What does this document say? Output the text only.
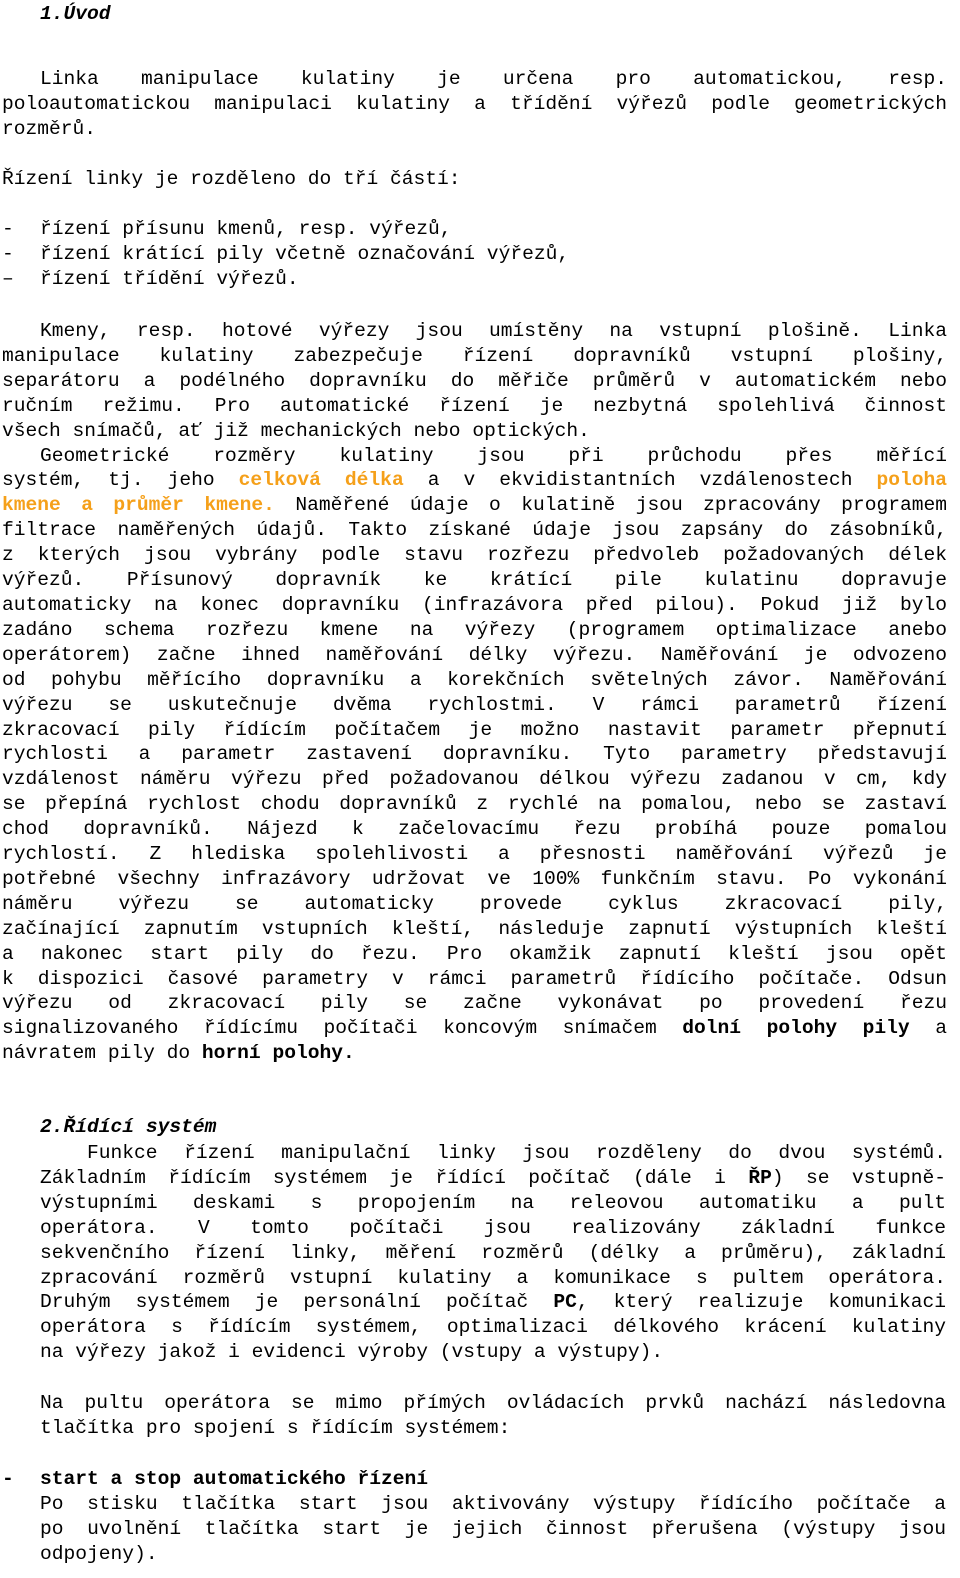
1.Úvod
Linka manipulace kulatiny je určena pro automatickou, resp.
poloautomatickou manipulaci kulatiny a třídění výřezů podle geometrických
rozměrů.
Řízení linky je rozděleno do tří částí:
- řízení přísunu kmenů, resp. výřezů,
- řízení krátící pily včetně označování výřezů,
– řízení třídění výřezů.
Kmeny, resp. hotové výřezy jsou umístěny na vstupní plošině. Linka
manipulace kulatiny zabezpečuje řízení dopravníků vstupní plošiny,
separátoru a podélného dopravníku do měřiče průměrů v automatickém nebo
ručním režimu. Pro automatické řízení je nezbytná spolehlivá činnost
všech snímačů, ať již mechanických nebo optických.
Geometrické rozměry kulatiny jsou při průchodu přes měřící
systém, tj. jeho celková délka a v ekvidistantních vzdálenostech poloha
kmene a průměr kmene. Naměřené údaje o kulatině jsou zpracovány programem
filtrace naměřených údajů. Takto získané údaje jsou zapsány do zásobníků,
z kterých jsou vybrány podle stavu rozřezu předvoleb požadovaných délek
výřezů. Přísunový dopravník ke krátící pile kulatinu dopravuje
automaticky na konec dopravníku (infrazávora před pilou). Pokud již bylo
zadáno schema rozřezu kmene na výřezy (programem optimalizace anebo
operátorem) začne ihned naměřování délky výřezu. Naměřování je odvozeno
od pohybu měřícího dopravníku a korekčních světelných závor. Naměřování
výřezu se uskutečnuje dvěma rychlostmi. V rámci parametrů řízení
zkracovací pily řídícím počítačem je možno nastavit parametr přepnutí
rychlosti a parametr zastavení dopravníku. Tyto parametry představují
vzdálenost náměru výřezu před požadovanou délkou výřezu zadanou v cm, kdy
se přepíná rychlost chodu dopravníků z rychlé na pomalou, nebo se zastaví
chod dopravníků. Nájezd k začelovacímu řezu probíhá pouze pomalou
rychlostí. Z hlediska spolehlivosti a přesnosti naměřování výřezů je
potřebné všechny infrazávory udržovat ve 100% funkčním stavu. Po vykonání
náměru výřezu se automaticky provede cyklus zkracovací pily,
začínající zapnutím vstupních kleští, následuje zapnutí výstupních kleští
a nakonec start pily do řezu. Pro okamžik zapnutí kleští jsou opět
k dispozici časové parametry v rámci parametrů řídícího počítače. Odsun
výřezu od zkracovací pily se začne vykonávat po provedení řezu
signalizovaného řídícímu počítači koncovým snímačem dolní polohy pily a
návratem pily do horní polohy.
2.Řídící systém
Funkce řízení manipulační linky jsou rozděleny do dvou systémů.
Základním řídícím systémem je řídící počítač (dále i ŘP) se vstupně-
výstupními deskami s propojením na releovou automatiku a pult
operátora. V tomto počítači jsou realizovány základní funkce
sekvenčního řízení linky, měření rozměrů (délky a průměru), základní
zpracování rozměrů vstupní kulatiny a komunikace s pultem operátora.
Druhým systémem je personální počítač PC, který realizuje komunikaci
operátora s řídícím systémem, optimalizaci délkového krácení kulatiny
na výřezy jakož i evidenci výroby (vstupy a výstupy).
Na pultu operátora se mimo přímých ovládacích prvků nachází následovna
tlačítka pro spojení s řídícím systémem:
- start a stop automatického řízení
Po stisku tlačítka start jsou aktivovány výstupy řídícího počítače a
po uvolnění tlačítka start je jejich činnost přerušena (výstupy jsou
odpojeny).
